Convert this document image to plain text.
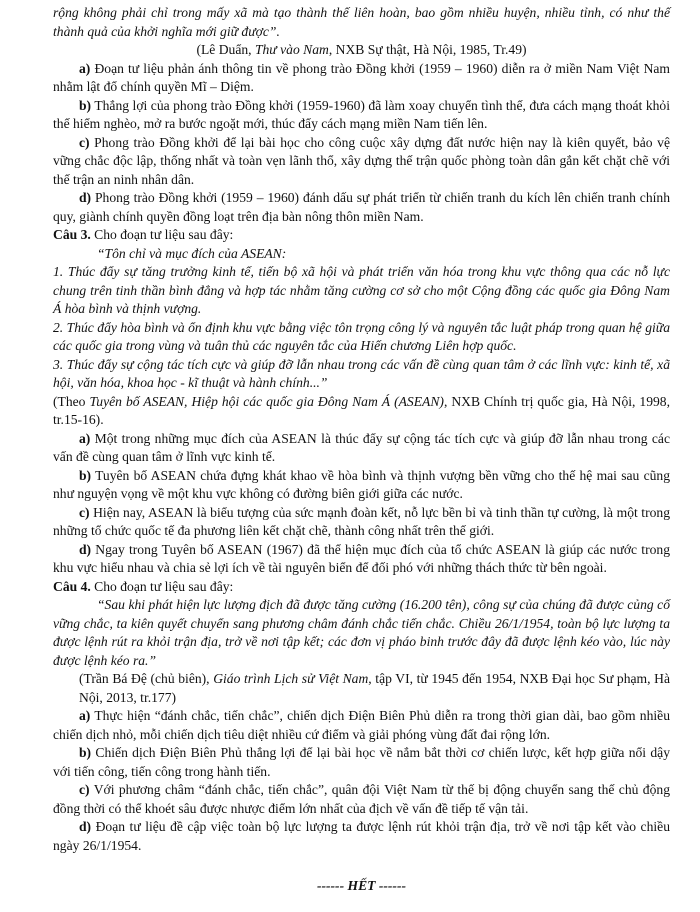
rộng không phải chỉ trong mấy xã mà tạo thành thế liên hoàn, bao gồm nhiều huyện, nhiều tỉnh, có như thế thành quả của khởi nghĩa mới giữ được”.

(Lê Duẩn, Thư vào Nam, NXB Sự thật, Hà Nội, 1985, Tr.49)

a) Đoạn tư liệu phản ánh thông tin về phong trào Đồng khởi (1959 – 1960) diễn ra ở miền Nam Việt Nam nhằm lật đổ chính quyền Mĩ – Diệm.

b) Thắng lợi của phong trào Đồng khởi (1959-1960) đã làm xoay chuyển tình thế, đưa cách mạng thoát khỏi thế hiểm nghèo, mở ra bước ngoặt mới, thúc đẩy cách mạng miền Nam tiến lên.

c) Phong trào Đồng khởi để lại bài học cho công cuộc xây dựng đất nước hiện nay là kiên quyết, bảo vệ vững chắc độc lập, thống nhất và toàn vẹn lãnh thổ, xây dựng thế trận quốc phòng toàn dân gắn kết chặt chẽ với thế trận an ninh nhân dân.

d) Phong trào Đồng khởi (1959 – 1960) đánh dấu sự phát triển từ chiến tranh du kích lên chiến tranh chính quy, giành chính quyền đồng loạt trên địa bàn nông thôn miền Nam.

Câu 3. Cho đoạn tư liệu sau đây:

“Tôn chỉ và mục đích của ASEAN:

1. Thúc đẩy sự tăng trưởng kinh tế, tiến bộ xã hội và phát triển văn hóa trong khu vực thông qua các nỗ lực chung trên tinh thần bình đẳng và hợp tác nhằm tăng cường cơ sở cho một Cộng đồng các quốc gia Đông Nam Á hòa bình và thịnh vượng.

2. Thúc đẩy hòa bình và ổn định khu vực bằng việc tôn trọng công lý và nguyên tắc luật pháp trong quan hệ giữa các quốc gia trong vùng và tuân thủ các nguyên tắc của Hiến chương Liên hợp quốc.

3. Thúc đẩy sự cộng tác tích cực và giúp đỡ lẫn nhau trong các vấn đề cùng quan tâm ở các lĩnh vực: kinh tế, xã hội, văn hóa, khoa học - kĩ thuật và hành chính...”

(Theo Tuyên bố ASEAN, Hiệp hội các quốc gia Đông Nam Á (ASEAN), NXB Chính trị quốc gia, Hà Nội, 1998, tr.15-16).

a) Một trong những mục đích của ASEAN là thúc đẩy sự cộng tác tích cực và giúp đỡ lẫn nhau trong các vấn đề cùng quan tâm ở lĩnh vực kinh tế.

b) Tuyên bố ASEAN chứa đựng khát khao về hòa bình và thịnh vượng bền vững cho thế hệ mai sau cũng như nguyện vọng về một khu vực không có đường biên giới giữa các nước.

c) Hiện nay, ASEAN là biểu tượng của sức mạnh đoàn kết, nỗ lực bền bỉ và tinh thần tự cường, là một trong những tổ chức quốc tế đa phương liên kết chặt chẽ, thành công nhất trên thế giới.

d) Ngay trong Tuyên bố ASEAN (1967) đã thể hiện mục đích của tổ chức ASEAN là giúp các nước trong khu vực hiểu nhau và chia sẻ lợi ích về tài nguyên biển để đối phó với những thách thức từ bên ngoài.

Câu 4. Cho đoạn tư liệu sau đây:

“Sau khi phát hiện lực lượng địch đã được tăng cường (16.200 tên), công sự của chúng đã được củng cố vững chắc, ta kiên quyết chuyển sang phương châm đánh chắc tiến chắc. Chiều 26/1/1954, toàn bộ lực lượng ta được lệnh rút ra khỏi trận địa, trở về nơi tập kết; các đơn vị pháo binh trước đây đã được lệnh kéo vào, lúc này được lệnh kéo ra.”

(Trần Bá Đệ (chủ biên), Giáo trình Lịch sử Việt Nam, tập VI, từ 1945 đến 1954, NXB Đại học Sư phạm, Hà Nội, 2013, tr.177)

a) Thực hiện “đánh chắc, tiến chắc”, chiến dịch Điện Biên Phủ diễn ra trong thời gian dài, bao gồm nhiều chiến dịch nhỏ, mỗi chiến dịch tiêu diệt nhiều cứ điểm và giải phóng vùng đất đai rộng lớn.

b) Chiến dịch Điện Biên Phủ thắng lợi để lại bài học về nắm bắt thời cơ chiến lược, kết hợp giữa nổi dậy với tiến công, tiến công trong hành tiến.

c) Với phương châm “đánh chắc, tiến chắc”, quân đội Việt Nam từ thế bị động chuyển sang thế chủ động đồng thời có thể khoét sâu được nhược điểm lớn nhất của địch về vấn đề tiếp tế vận tải.

d) Đoạn tư liệu đề cập việc toàn bộ lực lượng ta được lệnh rút khỏi trận địa, trở về nơi tập kết vào chiều ngày 26/1/1954.

------ HẾT ------
